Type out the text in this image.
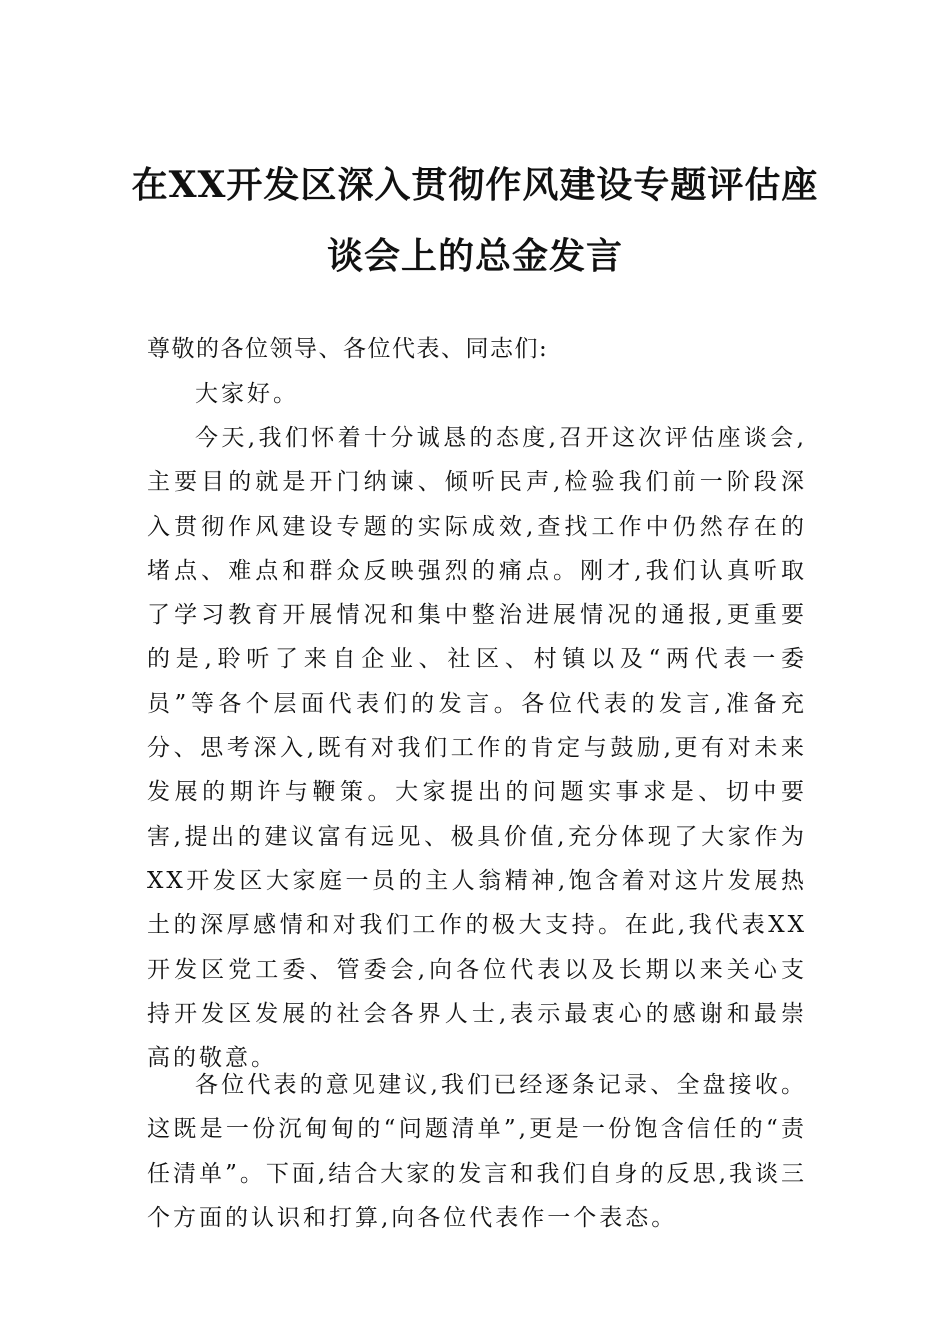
在XX开发区深入贯彻作风建设专题评估座
谈会上的总金发言
尊敬的各位领导、各位代表、同志们:
大家好。
今天,我们怀着十分诚恳的态度,召开这次评估座谈会,主要目的就是开门纳谏、倾听民声,检验我们前一阶段深入贯彻作风建设专题的实际成效,查找工作中仍然存在的堵点、难点和群众反映强烈的痛点。刚才,我们认真听取了学习教育开展情况和集中整治进展情况的通报,更重要的是,聆听了来自企业、社区、村镇以及“两代表一委员”等各个层面代表们的发言。各位代表的发言,准备充分、思考深入,既有对我们工作的肯定与鼓励,更有对未来发展的期许与鞭策。大家提出的问题实事求是、切中要害,提出的建议富有远见、极具价值,充分体现了大家作为XX开发区大家庭一员的主人翁精神,饱含着对这片发展热土的深厚感情和对我们工作的极大支持。在此,我代表XX开发区党工委、管委会,向各位代表以及长期以来关心支持开发区发展的社会各界人士,表示最衷心的感谢和最崇高的敬意。
各位代表的意见建议,我们已经逐条记录、全盘接收。这既是一份沉甸甸的“问题清单”,更是一份饱含信任的“责任清单”。下面,结合大家的发言和我们自身的反思,我谈三个方面的认识和打算,向各位代表作一个表态。
